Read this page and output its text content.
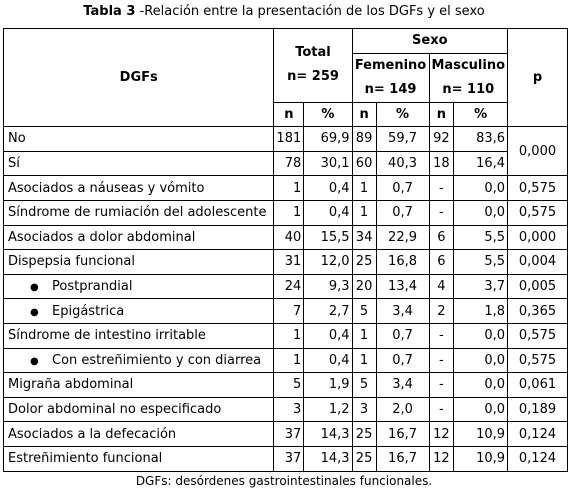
Tabla 3 -Relación entre la presentación de los DGFs y el sexo
DGFs	Total
n= 259		Sexo				p
			Femenino
n= 149		Masculino
n= 110		
	n	%	n	%	n	%	
No	181	69,9	89	59,7	92	83,6	0,000
Sí	78	30,1	60	40,3	18	16,4	
Asociados a náuseas y vómito	1	0,4	1	0,7	-	0,0	0,575
Síndrome de rumiación del adolescente	1	0,4	1	0,7	-	0,0	0,575
Asociados a dolor abdominal	40	15,5	34	22,9	6	5,5	0,000
Dispepsia funcional	31	12,0	25	16,8	6	5,5	0,004
● Postprandial	24	9,3	20	13,4	4	3,7	0,005
● Epigástrica	7	2,7	5	3,4	2	1,8	0,365
Síndrome de intestino irritable	1	0,4	1	0,7	-	0,0	0,575
● Con estreñimiento y con diarrea	1	0,4	1	0,7	-	0,0	0,575
Migraña abdominal	5	1,9	5	3,4	-	0,0	0,061
Dolor abdominal no especificado	3	1,2	3	2,0	-	0,0	0,189
Asociados a la defecación	37	14,3	25	16,7	12	10,9	0,124
Estreñimiento funcional	37	14,3	25	16,7	12	10,9	0,124
DGFs: desórdenes gastrointestinales funcionales.
